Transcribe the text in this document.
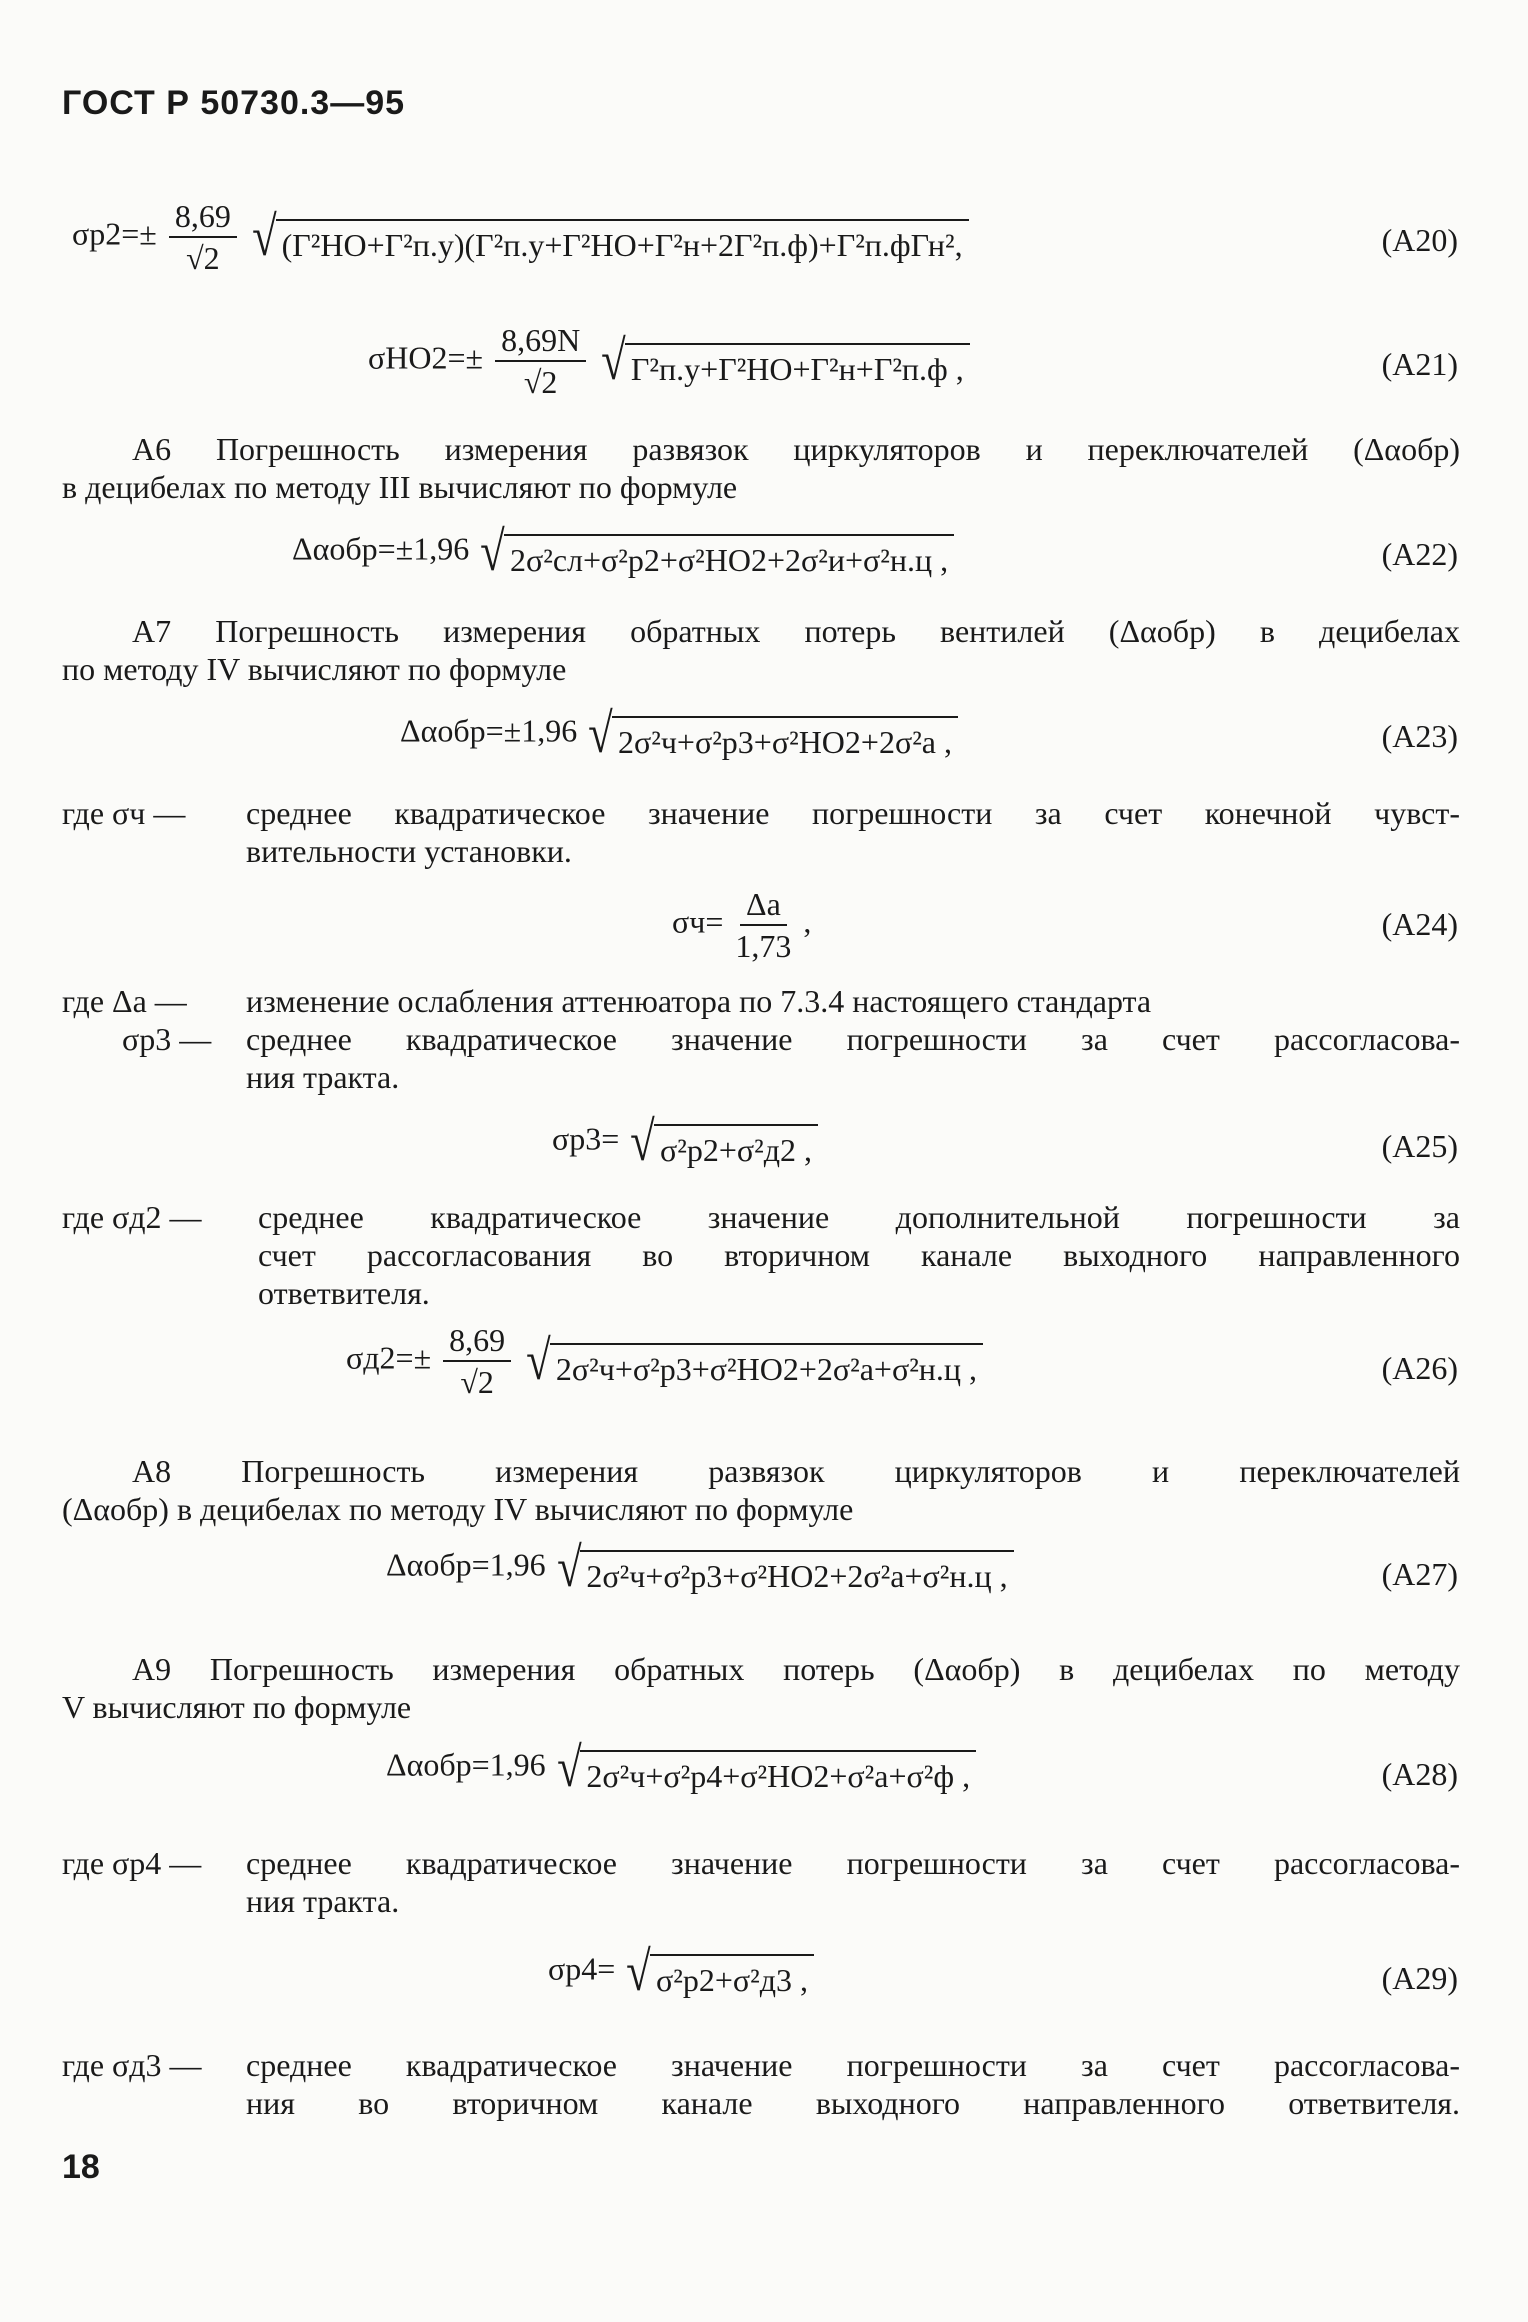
ГОСТ Р 50730.3—95
$\sigma р2=\pm \frac{8,69}{√2}$
√ (Г²НО+Г²п.у)(Г²п.у+Г²НО+Г²н+2Г²п.ф)+Г²п.фГн²,	(A20)
$\sigma НО2=\pm \frac{8,69N}{√2}$
√ Г²п.у+Г²НО+Г²н+Г²п.ф ,	(A21)
А6 Погрешность измерения развязок циркуляторов и переключателей (Δαобр)
в децибелах по методу III вычисляют по формуле
Δαобр=±1,96 √ 2σ²сл+σ²р2+σ²НО2+2σ²и+σ²н.ц ,	(A22)
А7 Погрешность измерения обратных потерь вентилей (Δαобр) в децибелах
по методу IV вычисляют по формуле
Δαобр=±1,96 √ 2σ²ч+σ²р3+σ²НО2+2σ²а ,	(A23)
где σч — среднее квадратическое значение погрешности за счет конечной чувст-
вительности установки.
$\sigma ч= \frac{\Delta а}{1,73}$ ,	(A24)
где Δа — изменение ослабления аттенюатора по 7.3.4 настоящего стандарта
σр3 — среднее квадратическое значение погрешности за счет рассогласова-
ния тракта.
σр3= √ σ²р2+σ²д2 ,	(A25)
где σд2 — среднее квадратическое значение дополнительной погрешности за
счет рассогласования во вторичном канале выходного направленного
ответвителя.
$\sigma д2=\pm \frac{8,69}{√2}$
√ 2σ²ч+σ²р3+σ²НО2+2σ²а+σ²н.ц ,	(A26)
А8 Погрешность измерения развязок циркуляторов и переключателей
(Δαобр) в децибелах по методу IV вычисляют по формуле
Δαобр=1,96 √ 2σ²ч+σ²р3+σ²НО2+2σ²а+σ²н.ц ,	(A27)
А9 Погрешность измерения обратных потерь (Δαобр) в децибелах по методу
V вычисляют по формуле
Δαобр=1,96 √ 2σ²ч+σ²р4+σ²НО2+σ²а+σ²ф ,	(A28)
где σр4 — среднее квадратическое значение погрешности за счет рассогласова-
ния тракта.
σр4= √ σ²р2+σ²д3 ,	(A29)
где σд3 — среднее квадратическое значение погрешности за счет рассогласова-
ния во вторичном канале выходного направленного ответвителя.
18
